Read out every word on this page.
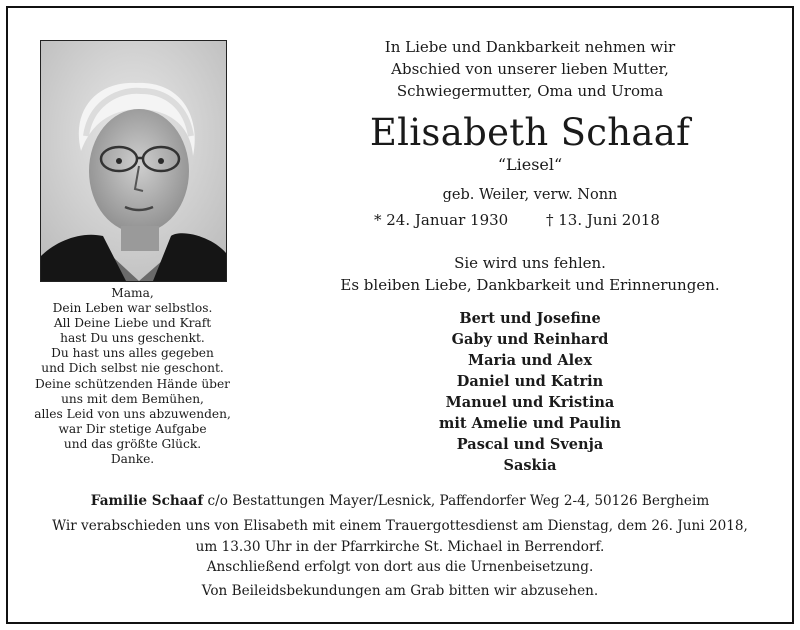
Mama,
Dein Leben war selbstlos.
All Deine Liebe und Kraft
hast Du uns geschenkt.
Du hast uns alles gegeben
und Dich selbst nie geschont.
Deine schützenden Hände über
uns mit dem Bemühen,
alles Leid von uns abzuwenden,
war Dir stetige Aufgabe
und das größte Glück.
Danke.
In Liebe und Dankbarkeit nehmen wir
Abschied von unserer lieben Mutter,
Schwiegermutter, Oma und Uroma
Elisabeth Schaaf
“Liesel“
geb. Weiler, verw. Nonn
* 24. Januar 1930	† 13. Juni 2018
Sie wird uns fehlen.
Es bleiben Liebe, Dankbarkeit und Erinnerungen.
Bert und Josefine
Gaby und Reinhard
Maria und Alex
Daniel und Katrin
Manuel und Kristina
mit Amelie und Paulin
Pascal und Svenja
Saskia
Familie Schaaf c/o Bestattungen Mayer/Lesnick, Paffendorfer Weg 2-4, 50126 Bergheim
Wir verabschieden uns von Elisabeth mit einem Trauergottesdienst am Dienstag, dem 26. Juni 2018,
um 13.30 Uhr in der Pfarrkirche St. Michael in Berrendorf.
Anschließend erfolgt von dort aus die Urnenbeisetzung.
Von Beileidsbekundungen am Grab bitten wir abzusehen.
